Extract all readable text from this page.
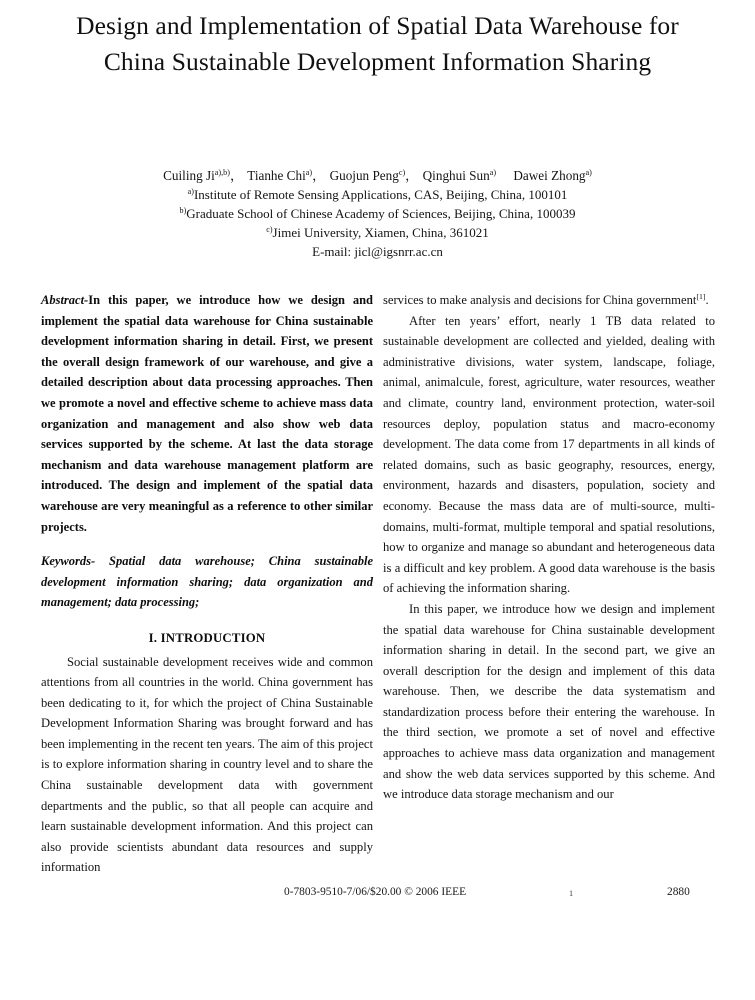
Design and Implementation of Spatial Data Warehouse for China Sustainable Development Information Sharing
Cuiling $Ji^{a),b)}$， Tianhe Chi$^{a)}$， Guojun Peng$^{c)}$， Qinghui Sun$^{a)}$ Dawei Zhong$^{a)}$
$^{a)}$Institute of Remote Sensing Applications, CAS, Beijing, China, 100101
$^{b)}$Graduate School of Chinese Academy of Sciences, Beijing, China, 100039
$^{c)}$Jimei University, Xiamen, China, 361021
E-mail: jicl@igsnrr.ac.cn

Abstract-In this paper, we introduce how we design and implement the spatial data warehouse for China sustainable development information sharing in detail. First, we present the overall design framework of our warehouse, and give a detailed description about data processing approaches. Then we promote a novel and effective scheme to achieve mass data organization and management and also show web data services supported by the scheme. At last the data storage mechanism and data warehouse management platform are introduced. The design and implement of the spatial data warehouse are very meaningful as a reference to other similar projects.

Keywords- Spatial data warehouse; China sustainable development information sharing; data organization and management; data processing;

I. INTRODUCTION

Social sustainable development receives wide and common attentions from all countries in the world. China government has been dedicating to it, for which the project of China Sustainable Development Information Sharing was brought forward and has been implementing in the recent ten years. The aim of this project is to explore information sharing in country level and to share the China sustainable development data with government departments and the public, so that all people can acquire and learn sustainable development information. And this project can also provide scientists abundant data resources and supply information

services to make analysis and decisions for China government[1].

After ten years’ effort, nearly 1 TB data related to sustainable development are collected and yielded, dealing with administrative divisions, water system, landscape, foliage, animal, animalcule, forest, agriculture, water resources, weather and climate, country land, environment protection, water-soil resources deploy, population status and macro-economy development. The data come from 17 departments in all kinds of related domains, such as basic geography, resources, energy, environment, hazards and disasters, population, society and economy. Because the mass data are of multi-source, multi-domains, multi-format, multiple temporal and spatial resolutions, how to organize and manage so abundant and heterogeneous data is a difficult and key problem. A good data warehouse is the basis of achieving the information sharing.

In this paper, we introduce how we design and implement the spatial data warehouse for China sustainable development information sharing in detail. In the second part, we give an overall description for the design and implement of this data warehouse. Then, we describe the data systematism and standardization process before their entering the warehouse. In the third section, we promote a set of novel and effective approaches to achieve mass data organization and management and show the web data services supported by this scheme. And we introduce data storage mechanism and our

0-7803-9510-7/06/$20.00 © 2006 IEEE	1	2880
